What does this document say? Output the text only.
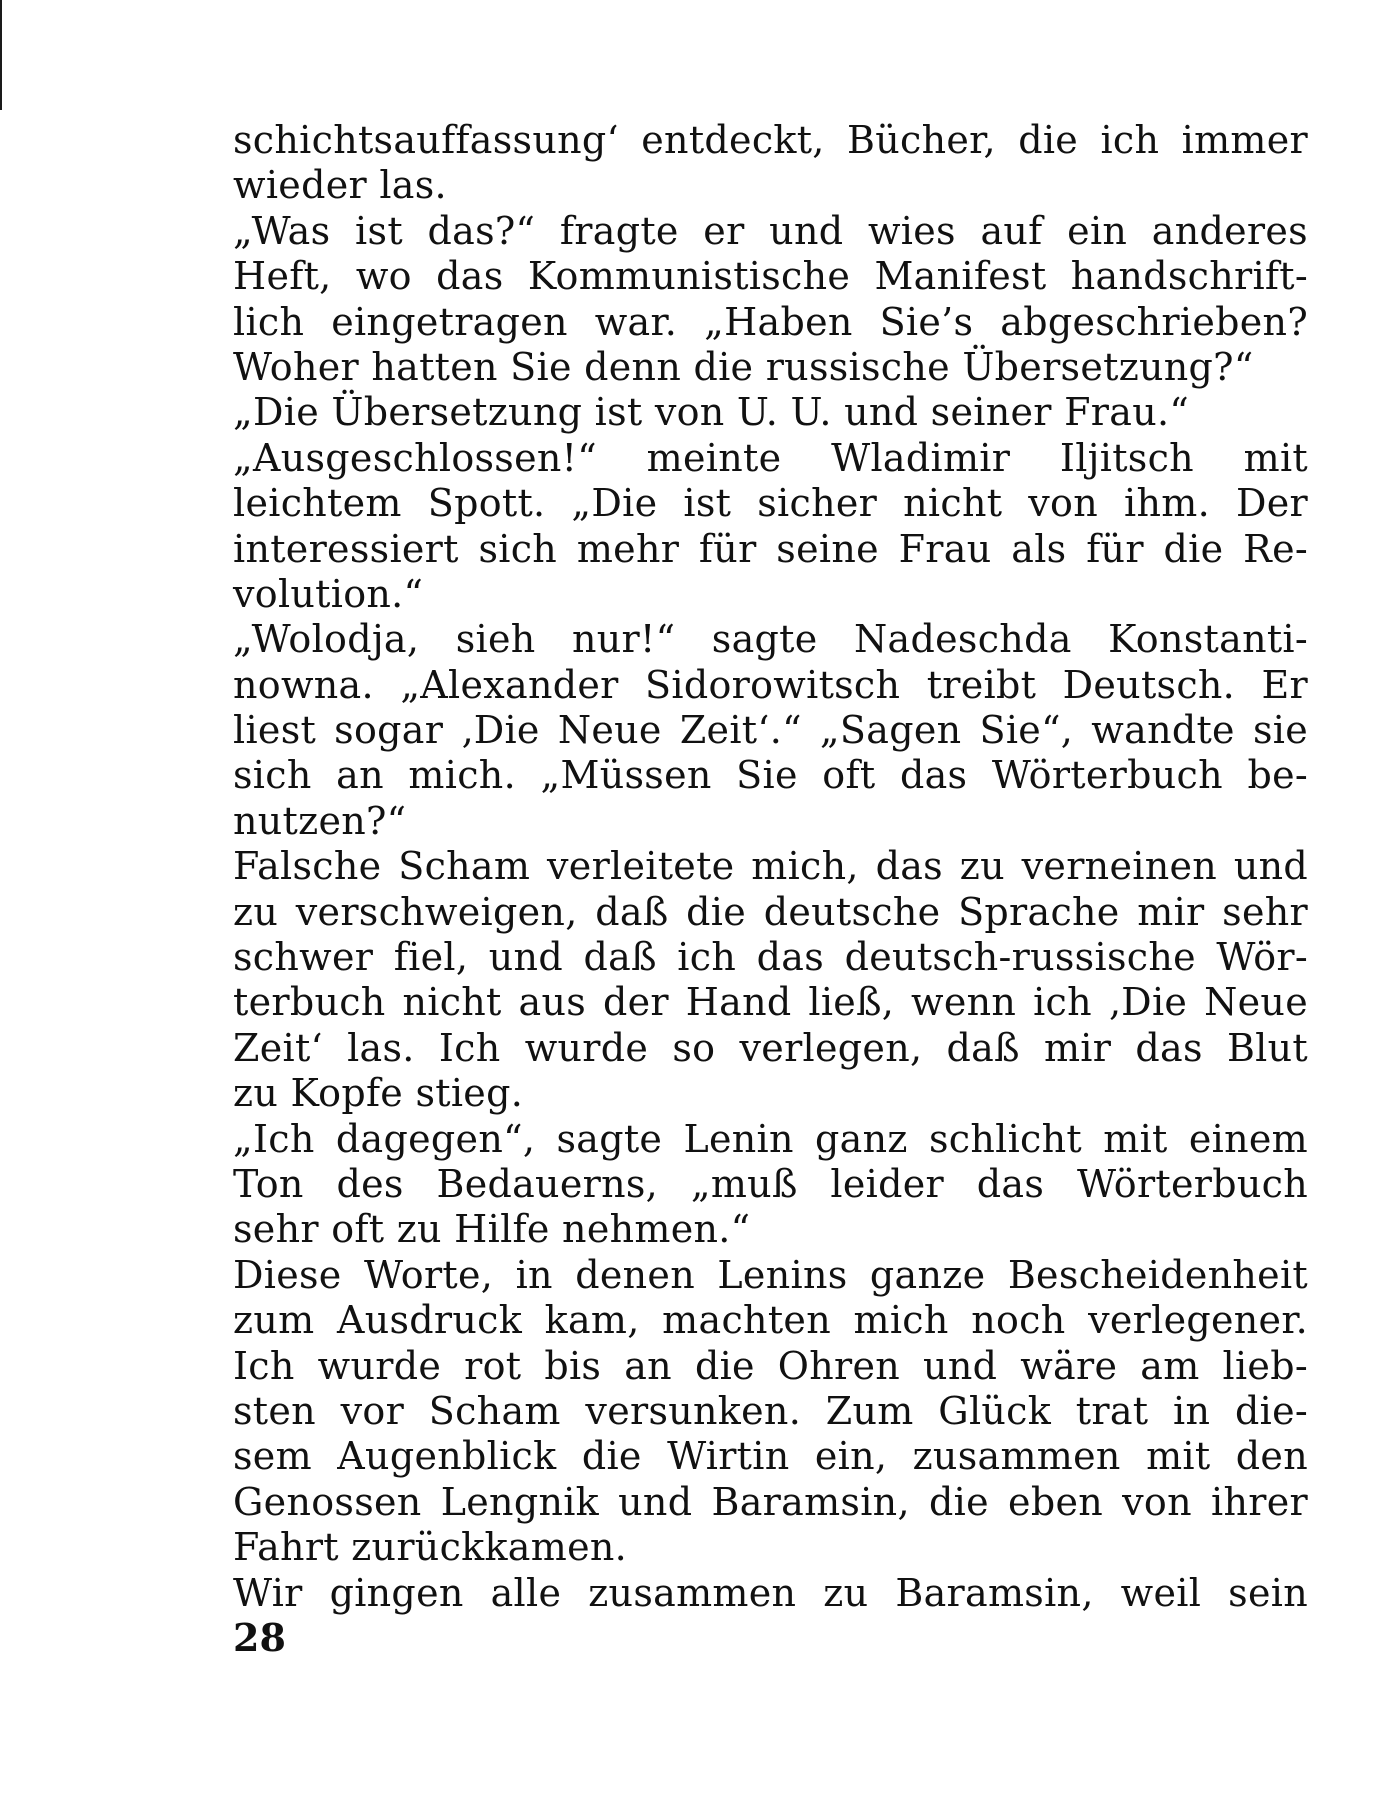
schichtsauffassung‘ entdeckt, Bücher, die ich immer
wieder las.
„Was ist das?“ fragte er und wies auf ein anderes
Heft, wo das Kommunistische Manifest handschrift-
lich eingetragen war. „Haben Sie’s abgeschrieben?
Woher hatten Sie denn die russische Übersetzung?“
„Die Übersetzung ist von U. U. und seiner Frau.“
„Ausgeschlossen!“ meinte Wladimir Iljitsch mit
leichtem Spott. „Die ist sicher nicht von ihm. Der
interessiert sich mehr für seine Frau als für die Re-
volution.“
„Wolodja, sieh nur!“ sagte Nadeschda Konstanti-
nowna. „Alexander Sidorowitsch treibt Deutsch. Er
liest sogar ‚Die Neue Zeit‘.“ „Sagen Sie“, wandte sie
sich an mich. „Müssen Sie oft das Wörterbuch be-
nutzen?“
Falsche Scham verleitete mich, das zu verneinen und
zu verschweigen, daß die deutsche Sprache mir sehr
schwer fiel, und daß ich das deutsch-russische Wör-
terbuch nicht aus der Hand ließ, wenn ich ‚Die Neue
Zeit‘ las. Ich wurde so verlegen, daß mir das Blut
zu Kopfe stieg.
„Ich dagegen“, sagte Lenin ganz schlicht mit einem
Ton des Bedauerns, „muß leider das Wörterbuch
sehr oft zu Hilfe nehmen.“
Diese Worte, in denen Lenins ganze Bescheidenheit
zum Ausdruck kam, machten mich noch verlegener.
Ich wurde rot bis an die Ohren und wäre am lieb-
sten vor Scham versunken. Zum Glück trat in die-
sem Augenblick die Wirtin ein, zusammen mit den
Genossen Lengnik und Baramsin, die eben von ihrer
Fahrt zurückkamen.
Wir gingen alle zusammen zu Baramsin, weil sein
28
